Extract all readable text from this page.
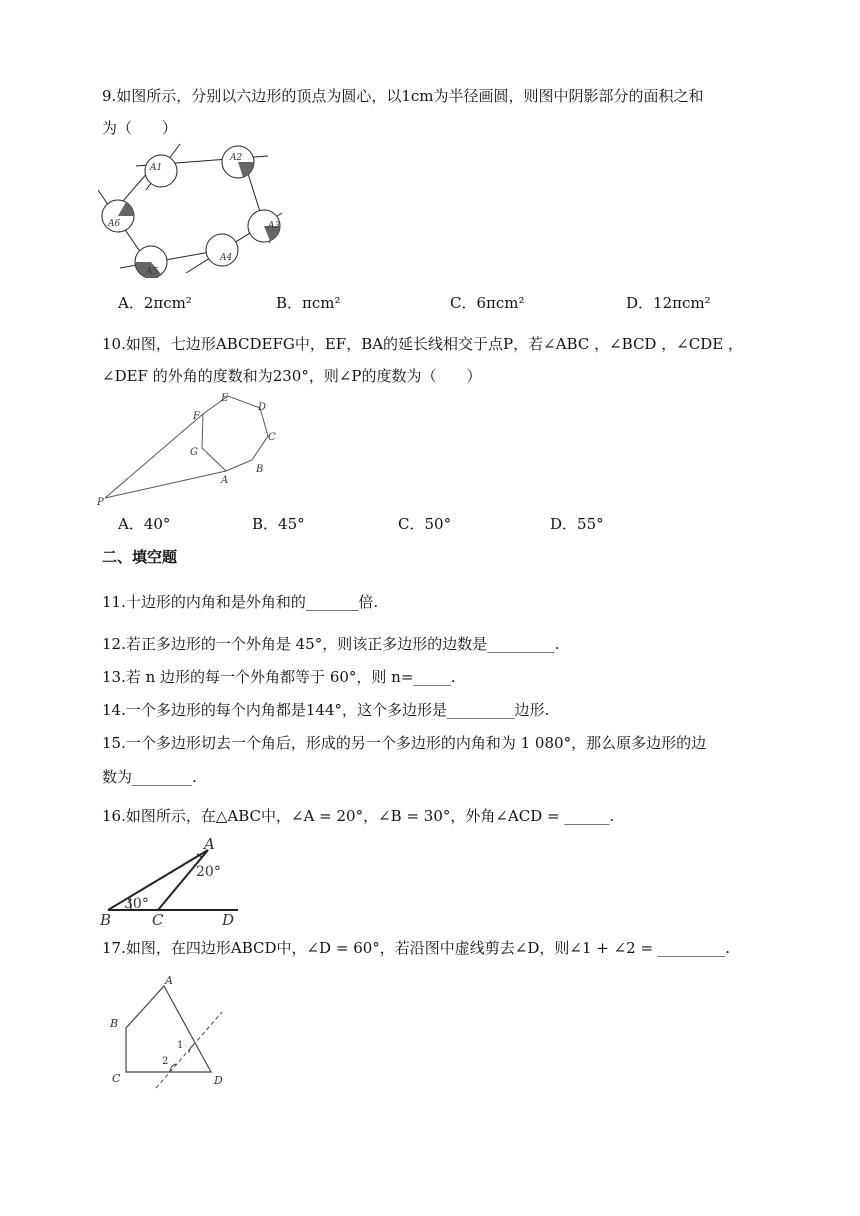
9.如图所示，分别以六边形的顶点为圆心，以1cm为半径画圆，则图中阴影部分的面积之和
为（　　）
A1
A2
A3
A4
A5
A6
A．2πcm²	B．πcm²	C．6πcm²	D．12πcm²
10.如图，七边形ABCDEFG中，EF，BA的延长线相交于点P，若∠ABC ，∠BCD ，∠CDE ，
∠DEF 的外角的度数和为230°，则∠P的度数为（　　）
E
D
F
C
G
B
A
P
A．40°	B．45°	C．50°	D．55°
二、填空题
11.十边形的内角和是外角和的_______倍.
12.若正多边形的一个外角是 45°，则该正多边形的边数是_________.
13.若 n 边形的每一个外角都等于 60°，则 n=_____.
14.一个多边形的每个内角都是144°，这个多边形是_________边形.
15.一个多边形切去一个角后，形成的另一个多边形的内角和为 1 080°，那么原多边形的边
数为________.
16.如图所示，在△ABC中，∠A = 20°，∠B = 30°，外角∠ACD = ______.
A
B	C	D
20°
30°
17.如图，在四边形ABCD中，∠D = 60°，若沿图中虚线剪去∠D，则∠1 + ∠2 = _________.
A
B
C	D
1
2
